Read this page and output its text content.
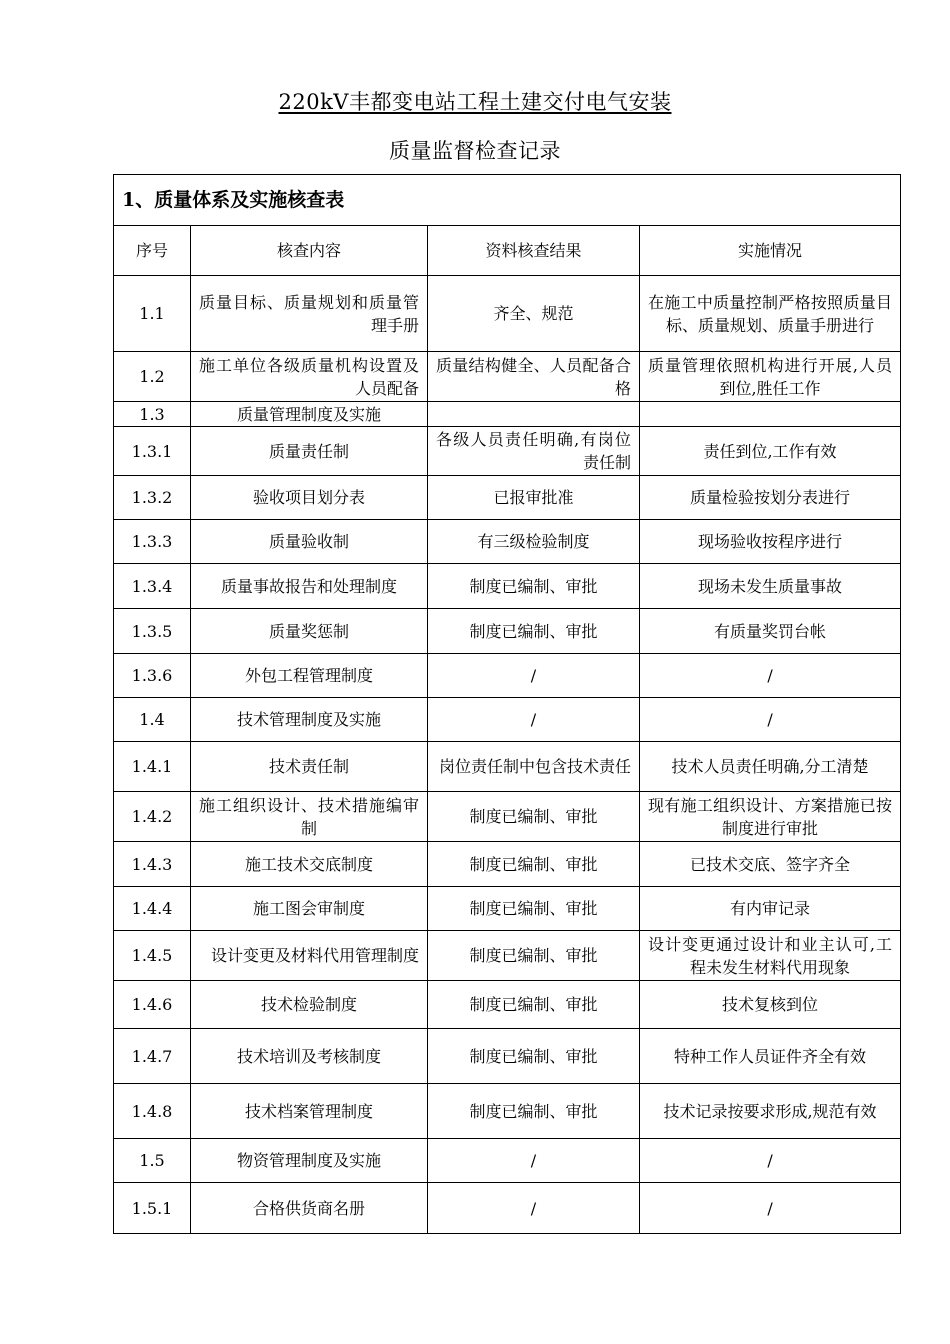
220kV丰都变电站工程土建交付电气安装
质量监督检查记录
1、质量体系及实施核查表			
序号	核查内容	资料核查结果	实施情况
1.1	质量目标、质量规划和质量管理手册	齐全、规范	在施工中质量控制严格按照质量目标、质量规划、质量手册进行
1.2	施工单位各级质量机构设置及人员配备	质量结构健全、人员配备合格	质量管理依照机构进行开展,人员到位,胜任工作
1.3	质量管理制度及实施		
1.3.1	质量责任制	各级人员责任明确,有岗位责任制	责任到位,工作有效
1.3.2	验收项目划分表	已报审批准	质量检验按划分表进行
1.3.3	质量验收制	有三级检验制度	现场验收按程序进行
1.3.4	质量事故报告和处理制度	制度已编制、审批	现场未发生质量事故
1.3.5	质量奖惩制	制度已编制、审批	有质量奖罚台帐
1.3.6	外包工程管理制度	/	/
1.4	技术管理制度及实施	/	/
1.4.1	技术责任制	岗位责任制中包含技术责任	技术人员责任明确,分工清楚
1.4.2	施工组织设计、技术措施编审制	制度已编制、审批	现有施工组织设计、方案措施已按制度进行审批
1.4.3	施工技术交底制度	制度已编制、审批	已技术交底、签字齐全
1.4.4	施工图会审制度	制度已编制、审批	有内审记录
1.4.5	设计变更及材料代用管理制度	制度已编制、审批	设计变更通过设计和业主认可,工程未发生材料代用现象
1.4.6	技术检验制度	制度已编制、审批	技术复核到位
1.4.7	技术培训及考核制度	制度已编制、审批	特种工作人员证件齐全有效
1.4.8	技术档案管理制度	制度已编制、审批	技术记录按要求形成,规范有效
1.5	物资管理制度及实施	/	/
1.5.1	合格供货商名册	/	/
